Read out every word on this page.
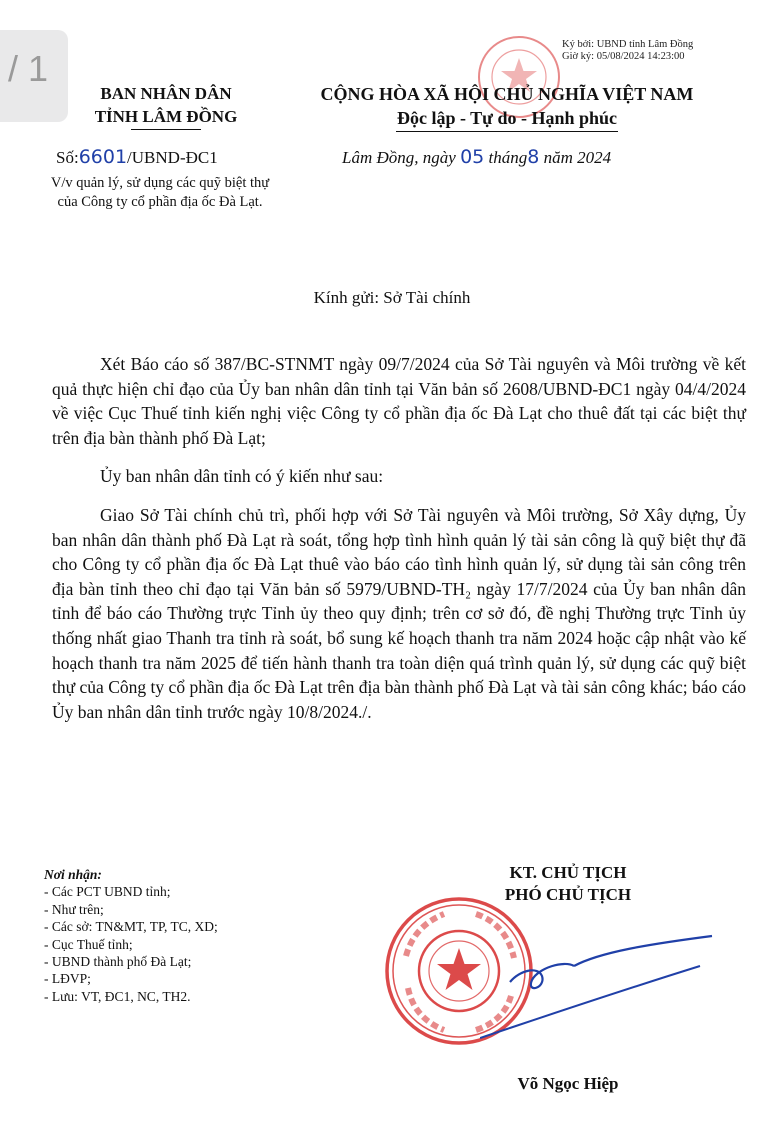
/ 1
Ký bởi: UBND tỉnh Lâm Đồng
Giờ ký: 05/08/2024 14:23:00
BAN NHÂN DÂN
TỈNH LÂM ĐỒNG
CỘNG HÒA XÃ HỘI CHỦ NGHĨA VIỆT NAM
Độc lập - Tự do - Hạnh phúc
Số:6601/UBND-ĐC1
V/v quản lý, sử dụng các quỹ biệt thự của Công ty cổ phần địa ốc Đà Lạt.
Lâm Đồng, ngày 05 tháng8 năm 2024
Kính gửi: Sở Tài chính

Xét Báo cáo số 387/BC-STNMT ngày 09/7/2024 của Sở Tài nguyên và Môi trường về kết quả thực hiện chỉ đạo của Ủy ban nhân dân tỉnh tại Văn bản số 2608/UBND-ĐC1 ngày 04/4/2024 về việc Cục Thuế tỉnh kiến nghị việc Công ty cổ phần địa ốc Đà Lạt cho thuê đất tại các biệt thự trên địa bàn thành phố Đà Lạt;

Ủy ban nhân dân tỉnh có ý kiến như sau:

Giao Sở Tài chính chủ trì, phối hợp với Sở Tài nguyên và Môi trường, Sở Xây dựng, Ủy ban nhân dân thành phố Đà Lạt rà soát, tổng hợp tình hình quản lý tài sản công là quỹ biệt thự đã cho Công ty cổ phần địa ốc Đà Lạt thuê vào báo cáo tình hình quản lý, sử dụng tài sản công trên địa bàn tỉnh theo chỉ đạo tại Văn bản số 5979/UBND-TH₂ ngày 17/7/2024 của Ủy ban nhân dân tỉnh để báo cáo Thường trực Tỉnh ủy theo quy định; trên cơ sở đó, đề nghị Thường trực Tỉnh ủy thống nhất giao Thanh tra tỉnh rà soát, bổ sung kế hoạch thanh tra năm 2024 hoặc cập nhật vào kế hoạch thanh tra năm 2025 để tiến hành thanh tra toàn diện quá trình quản lý, sử dụng các quỹ biệt thự của Công ty cổ phần địa ốc Đà Lạt trên địa bàn thành phố Đà Lạt và tài sản công khác; báo cáo Ủy ban nhân dân tỉnh trước ngày 10/8/2024./.

Nơi nhận:
- Các PCT UBND tỉnh;
- Như trên;
- Các sở: TN&MT, TP, TC, XD;
- Cục Thuế tỉnh;
- UBND thành phố Đà Lạt;
- LĐVP;
- Lưu: VT, ĐC1, NC, TH2.
KT. CHỦ TỊCH
PHÓ CHỦ TỊCH
Võ Ngọc Hiệp
